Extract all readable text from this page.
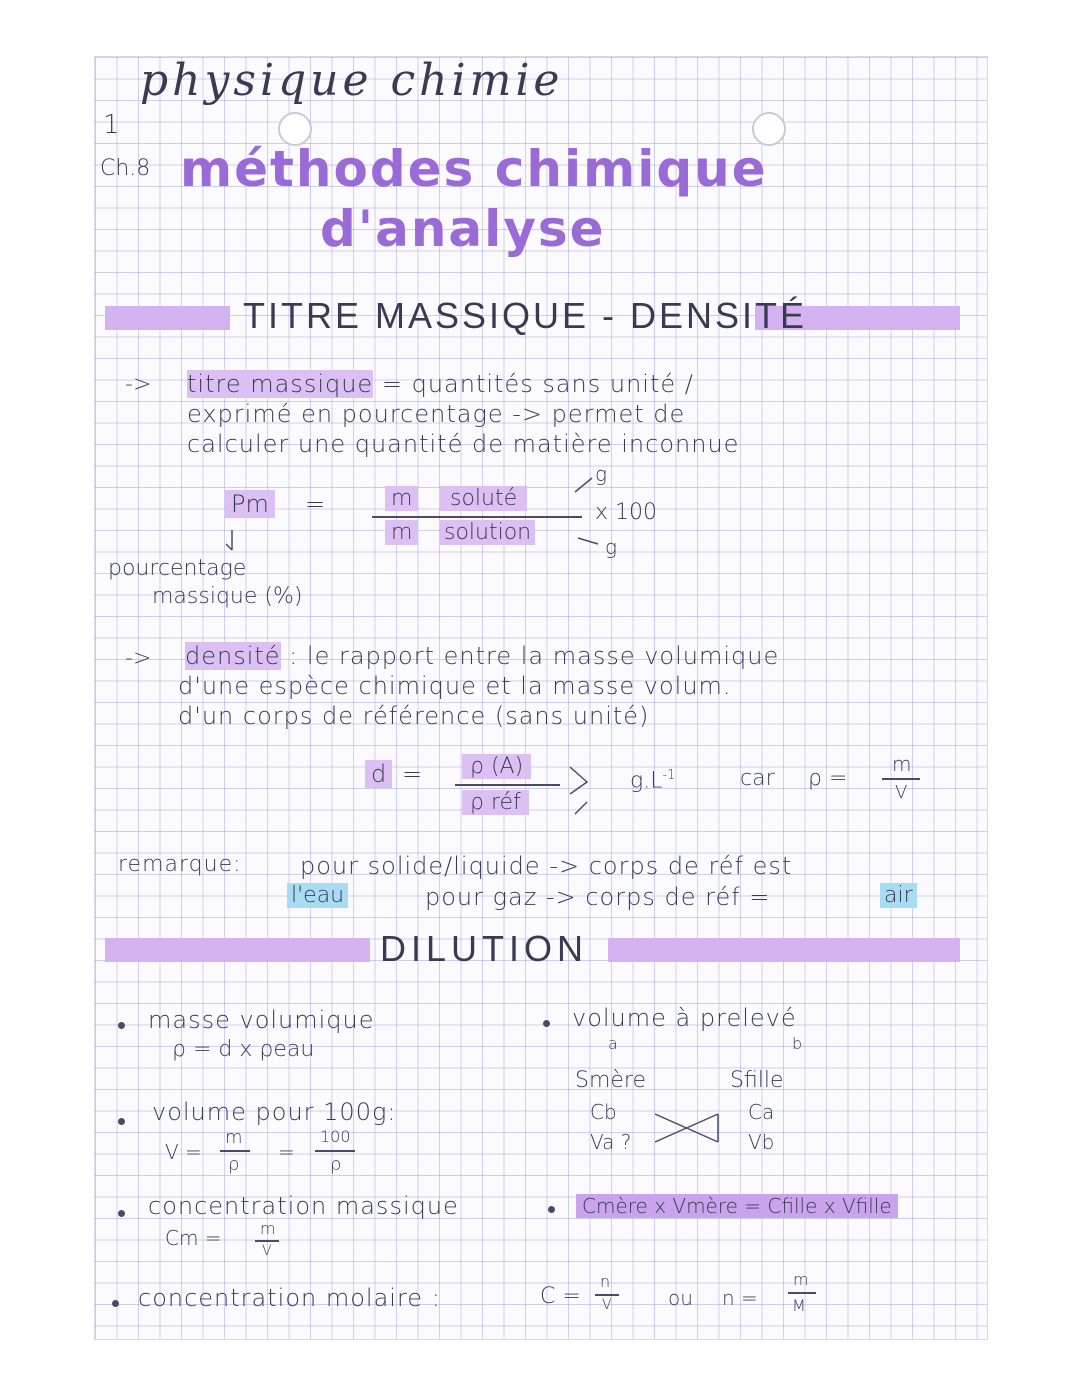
physique chimie
1
Ch.8 méthodes chimique
d'analyse
TITRE MASSIQUE - DENSITÉ
-> titre massique = quantités sans unité /
exprimé en pourcentage -> permet de
calculer une quantité de matière inconnue
Pm =	m	soluté
m solution
x 100
g
g
pourcentage
massique (%)
-> densité : le rapport entre la masse volumique
d'une espèce chimique et la masse volum.
d'un corps de référence (sans unité)
d =	ρ (A)
ρ réf
$g.L^{-1}$	car ρ =
m
V
remarque: pour solide/liquide -> corps de réf est
l'eau	pour gaz -> corps de réf =	air
DILUTION
masse volumique
ρ = d x ρeau
volume pour 100g:
V =
m
ρ
=
100
ρ
concentration massique
Cm = m
V
concentration molaire :	C =
n
V	ou n =
m
M
volume à prelevé
a	b
Smère	Sfille
Cb	Ca
Va ?	Vb
Cmère x Vmère = Cfille x Vfille
